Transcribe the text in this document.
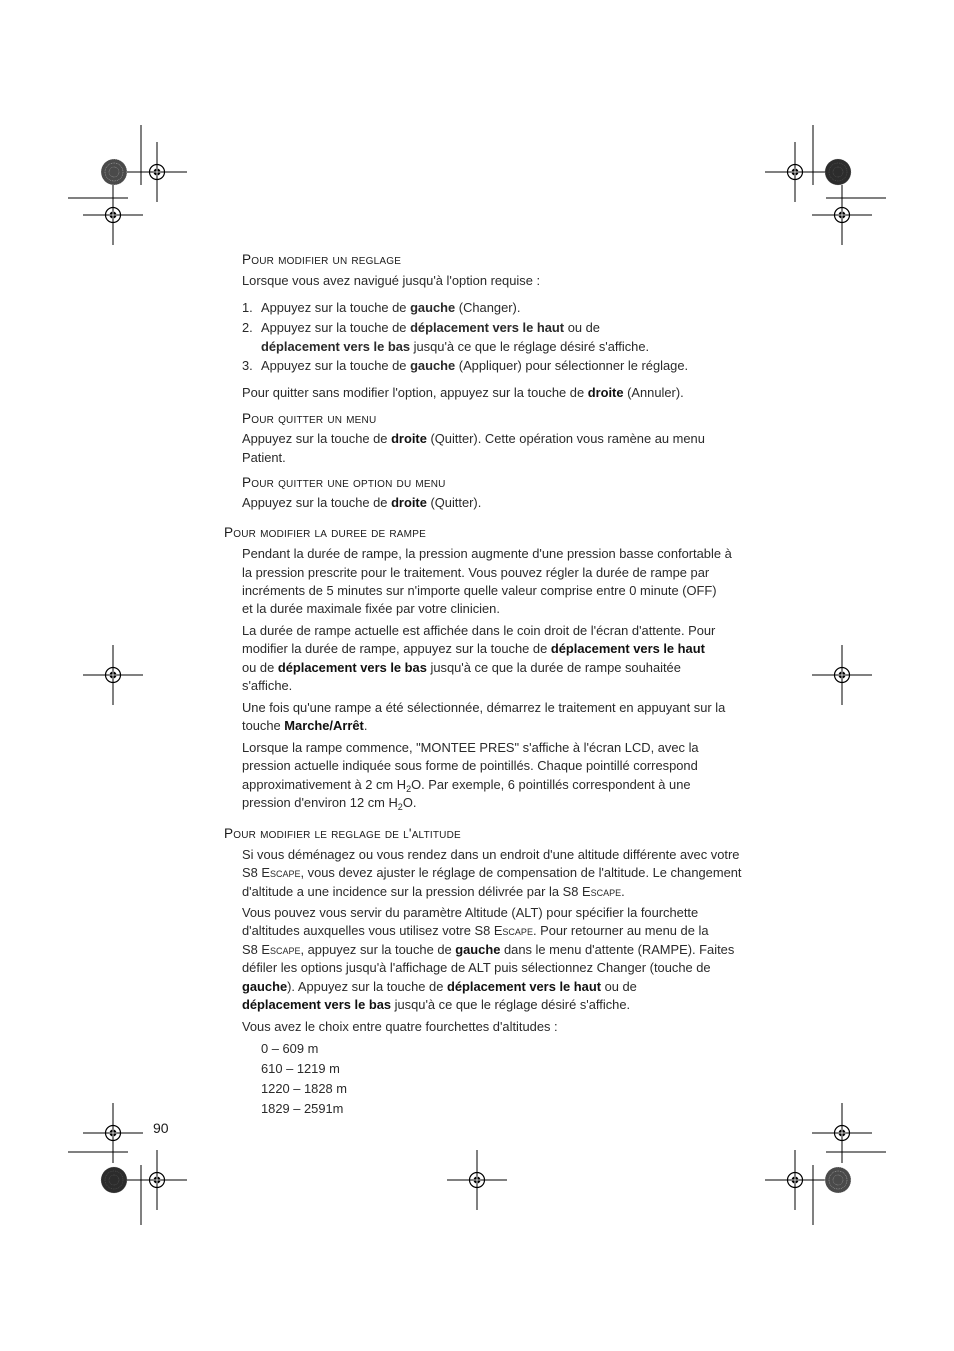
Pour modifier un reglage
Lorsque vous avez navigué jusqu'à l'option requise :
1. Appuyez sur la touche de gauche (Changer).
2. Appuyez sur la touche de déplacement vers le haut ou de
déplacement vers le bas jusqu'à ce que le réglage désiré s'affiche.
3. Appuyez sur la touche de gauche (Appliquer) pour sélectionner le réglage.
Pour quitter sans modifier l'option, appuyez sur la touche de droite (Annuler).
Pour quitter un menu
Appuyez sur la touche de droite (Quitter). Cette opération vous ramène au menu
Patient.
Pour quitter une option du menu
Appuyez sur la touche de droite (Quitter).
Pour modifier la duree de rampe
Pendant la durée de rampe, la pression augmente d'une pression basse confortable à
la pression prescrite pour le traitement. Vous pouvez régler la durée de rampe par
incréments de 5 minutes sur n'importe quelle valeur comprise entre 0 minute (OFF)
et la durée maximale fixée par votre clinicien.
La durée de rampe actuelle est affichée dans le coin droit de l'écran d'attente. Pour
modifier la durée de rampe, appuyez sur la touche de déplacement vers le haut
ou de déplacement vers le bas jusqu'à ce que la durée de rampe souhaitée
s'affiche.
Une fois qu'une rampe a été sélectionnée, démarrez le traitement en appuyant sur la
touche Marche/Arrêt.
Lorsque la rampe commence, "MONTEE PRES" s'affiche à l'écran LCD, avec la
pression actuelle indiquée sous forme de pointillés. Chaque pointillé correspond
approximativement à 2 cm $H_2O$. Par exemple, 6 pointillés correspondent à une
pression d'environ 12 cm $H_2O$.
Pour modifier le reglage de l'altitude
Si vous déménagez ou vous rendez dans un endroit d'une altitude différente avec votre
S8 Escape, vous devez ajuster le réglage de compensation de l'altitude. Le changement
d'altitude a une incidence sur la pression délivrée par la S8 Escape.
Vous pouvez vous servir du paramètre Altitude (ALT) pour spécifier la fourchette
d'altitudes auxquelles vous utilisez votre S8 Escape. Pour retourner au menu de la
S8 Escape, appuyez sur la touche de gauche dans le menu d'attente (RAMPE). Faites
défiler les options jusqu'à l'affichage de ALT puis sélectionnez Changer (touche de
gauche). Appuyez sur la touche de déplacement vers le haut ou de
déplacement vers le bas jusqu'à ce que le réglage désiré s'affiche.
Vous avez le choix entre quatre fourchettes d'altitudes :
0 – 609 m
610 – 1219 m
1220 – 1828 m
1829 – 2591m
90
